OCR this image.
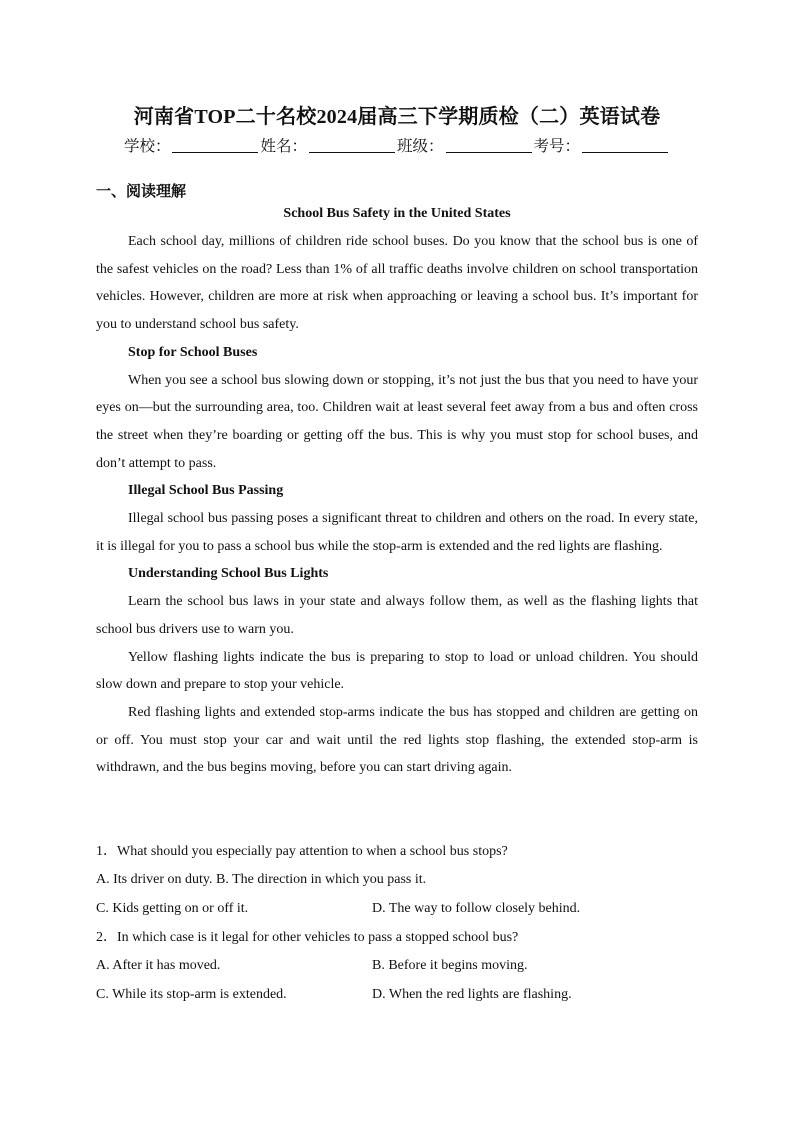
河南省TOP二十名校2024届高三下学期质检（二）英语试卷
学校：	姓名：	班级：	考号：
一、阅读理解
School Bus Safety in the United States

Each school day, millions of children ride school buses. Do you know that the school bus is one of the safest vehicles on the road? Less than 1% of all traffic deaths involve children on school transportation vehicles. However, children are more at risk when approaching or leaving a school bus. It’s important for you to understand school bus safety.

Stop for School Buses

When you see a school bus slowing down or stopping, it’s not just the bus that you need to have your eyes on—but the surrounding area, too. Children wait at least several feet away from a bus and often cross the street when they’re boarding or getting off the bus. This is why you must stop for school buses, and don’t attempt to pass.

Illegal School Bus Passing

Illegal school bus passing poses a significant threat to children and others on the road. In every state, it is illegal for you to pass a school bus while the stop-arm is extended and the red lights are flashing.

Understanding School Bus Lights

Learn the school bus laws in your state and always follow them, as well as the flashing lights that school bus drivers use to warn you.

Yellow flashing lights indicate the bus is preparing to stop to load or unload children. You should slow down and prepare to stop your vehicle.

Red flashing lights and extended stop-arms indicate the bus has stopped and children are getting on or off. You must stop your car and wait until the red lights stop flashing, the extended stop-arm is withdrawn, and the bus begins moving, before you can start driving again.

1．What should you especially pay attention to when a school bus stops?
A. Its driver on duty. B. The direction in which you pass it.
C. Kids getting on or off it.	D. The way to follow closely behind.
2．In which case is it legal for other vehicles to pass a stopped school bus?
A. After it has moved.	B. Before it begins moving.
C. While its stop-arm is extended.	D. When the red lights are flashing.
